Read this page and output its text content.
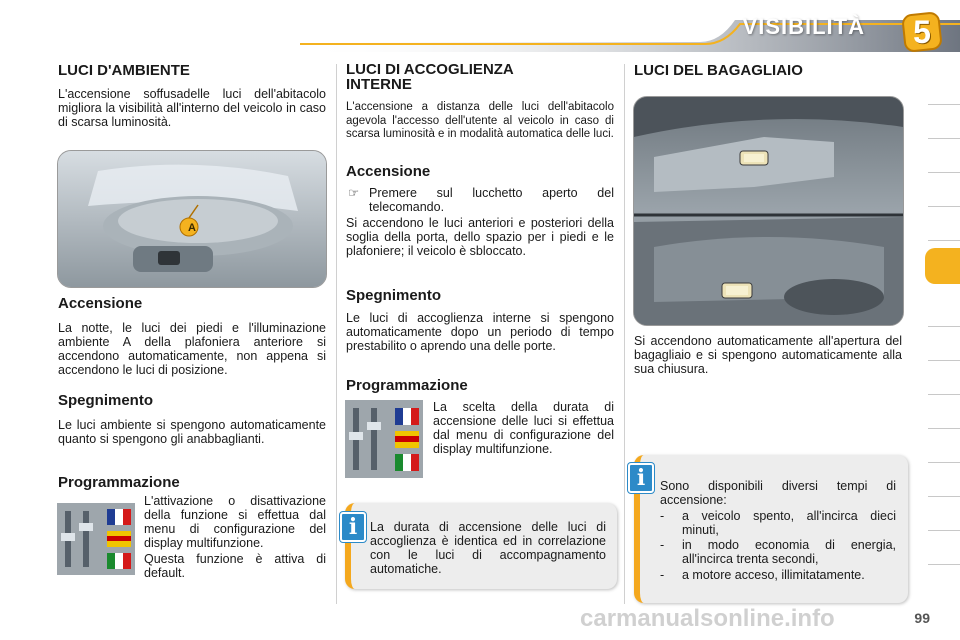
VISIBILITÀ	5
LUCI D'AMBIENTE

L'accensione soffusadelle luci dell'abitacolo migliora la visibilità all'interno del veicolo in caso di scarsa luminosità.

A
Accensione

La notte, le luci dei piedi e l'illuminazione ambiente A della plafoniera anteriore si accendono automaticamente, non appena si accendono le luci di posizione.

Spegnimento

Le luci ambiente si spengono automaticamente quanto si spengono gli anabbaglianti.

Programmazione

L'attivazione o disattivazione della funzione si effettua dal menu di configurazione del display multifunzione.

Questa funzione è attiva di default.

LUCI DI ACCOGLIENZA INTERNE

L'accensione a distanza delle luci dell'abitacolo agevola l'accesso dell'utente al veicolo in caso di scarsa luminosità e in modalità automatica delle luci.

Accensione
☞ Premere sul lucchetto aperto del telecomando.

Si accendono le luci anteriori e posteriori della soglia della porta, dello spazio per i piedi e le plafoniere; il veicolo è sbloccato.

Spegnimento

Le luci di accoglienza interne si spengono automaticamente dopo un periodo di tempo prestabilito o aprendo una delle porte.

Programmazione

La scelta della durata di accensione delle luci si effettua dal menu di configurazione del display multifunzione.

i	La durata di accensione delle luci di accoglienza è identica ed in correlazione con le luci di accompagnamento automatiche.

LUCI DEL BAGAGLIAIO

Si accendono automaticamente all'apertura del bagagliaio e si spengono automaticamente alla sua chiusura.

i	Sono disponibili diversi tempi di accensione:

- a veicolo spento, all'incirca dieci minuti,

- in modo economia di energia, all'incirca trenta secondi,

- a motore acceso, illimitatamente.

carmanualsonline.info	99
